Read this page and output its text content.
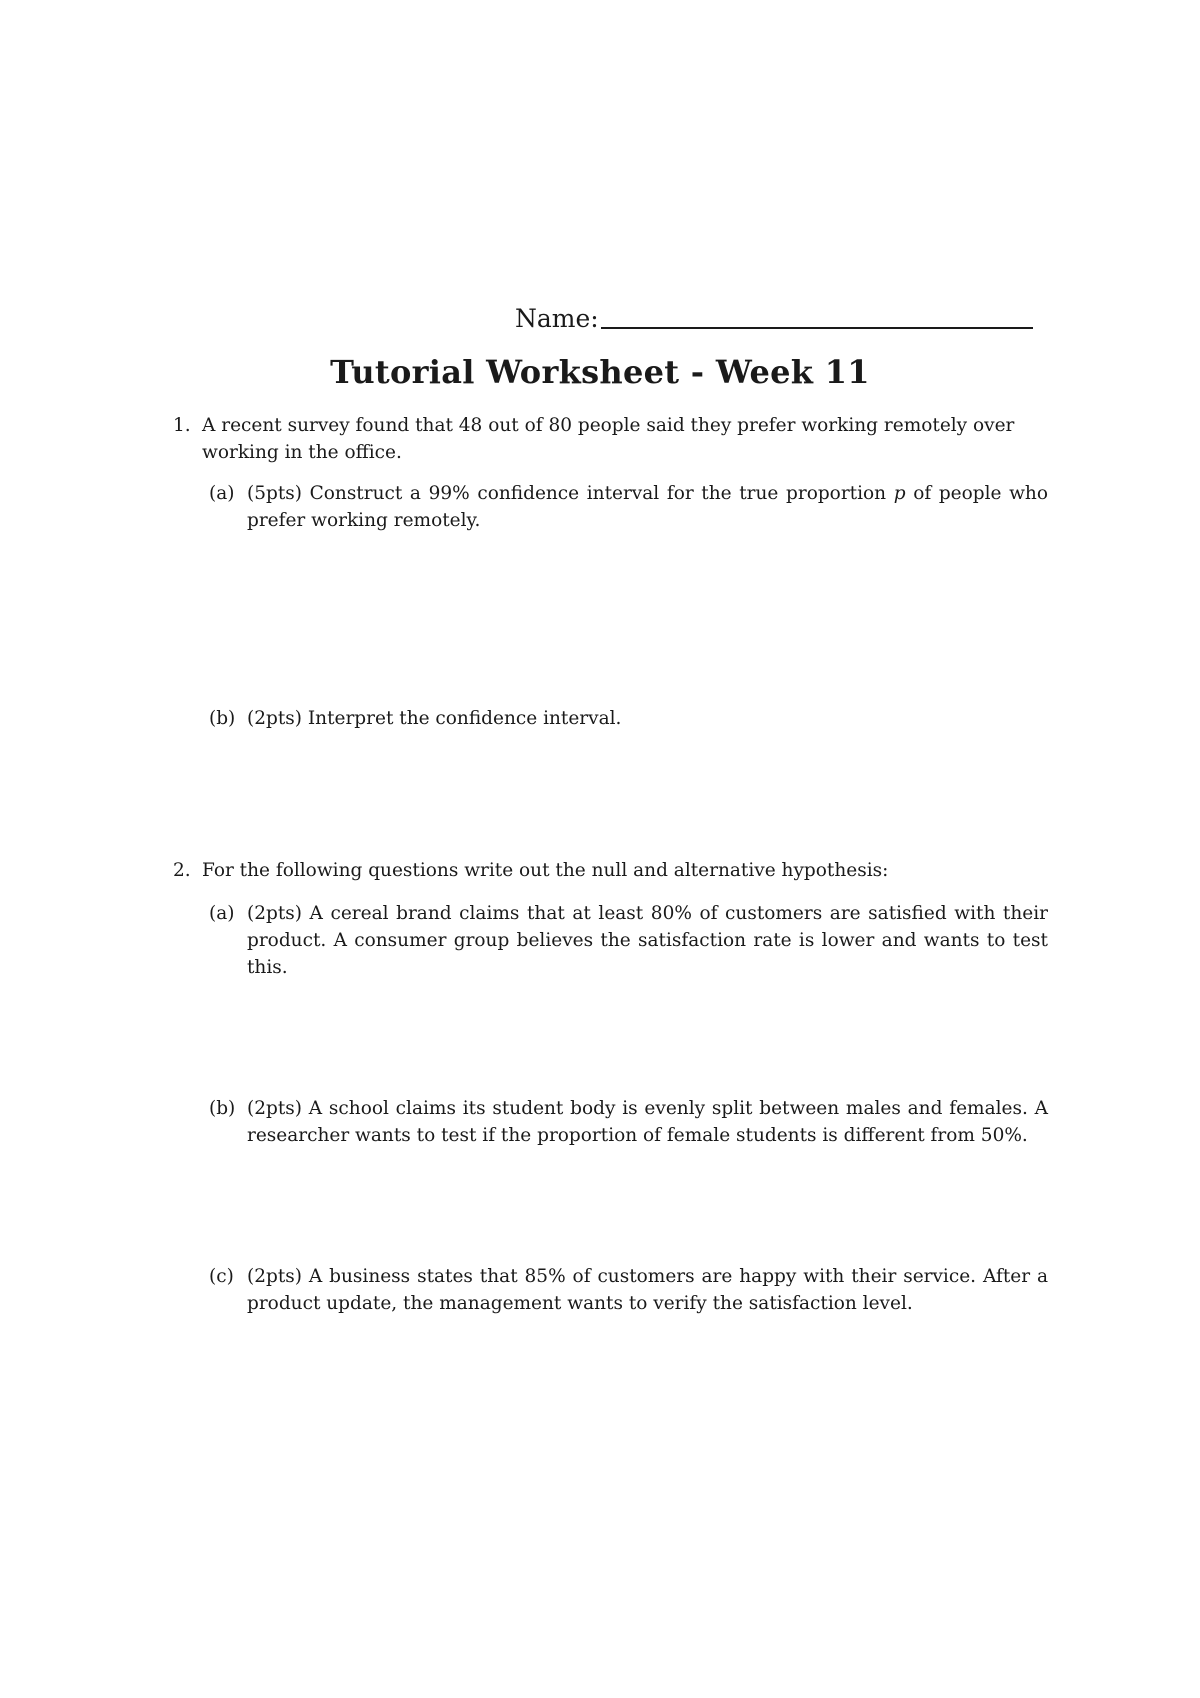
Name:
Tutorial Worksheet - Week 11
1. A recent survey found that 48 out of 80 people said they prefer working remotely over working in the office.
(a) (5pts) Construct a 99% confidence interval for the true proportion p of people who prefer working remotely.
(b) (2pts) Interpret the confidence interval.
2. For the following questions write out the null and alternative hypothesis:
(a) (2pts) A cereal brand claims that at least 80% of customers are satisfied with their product. A consumer group believes the satisfaction rate is lower and wants to test this.
(b) (2pts) A school claims its student body is evenly split between males and females. A researcher wants to test if the proportion of female students is different from 50%.
(c) (2pts) A business states that 85% of customers are happy with their service. After a product update, the management wants to verify the satisfaction level.
